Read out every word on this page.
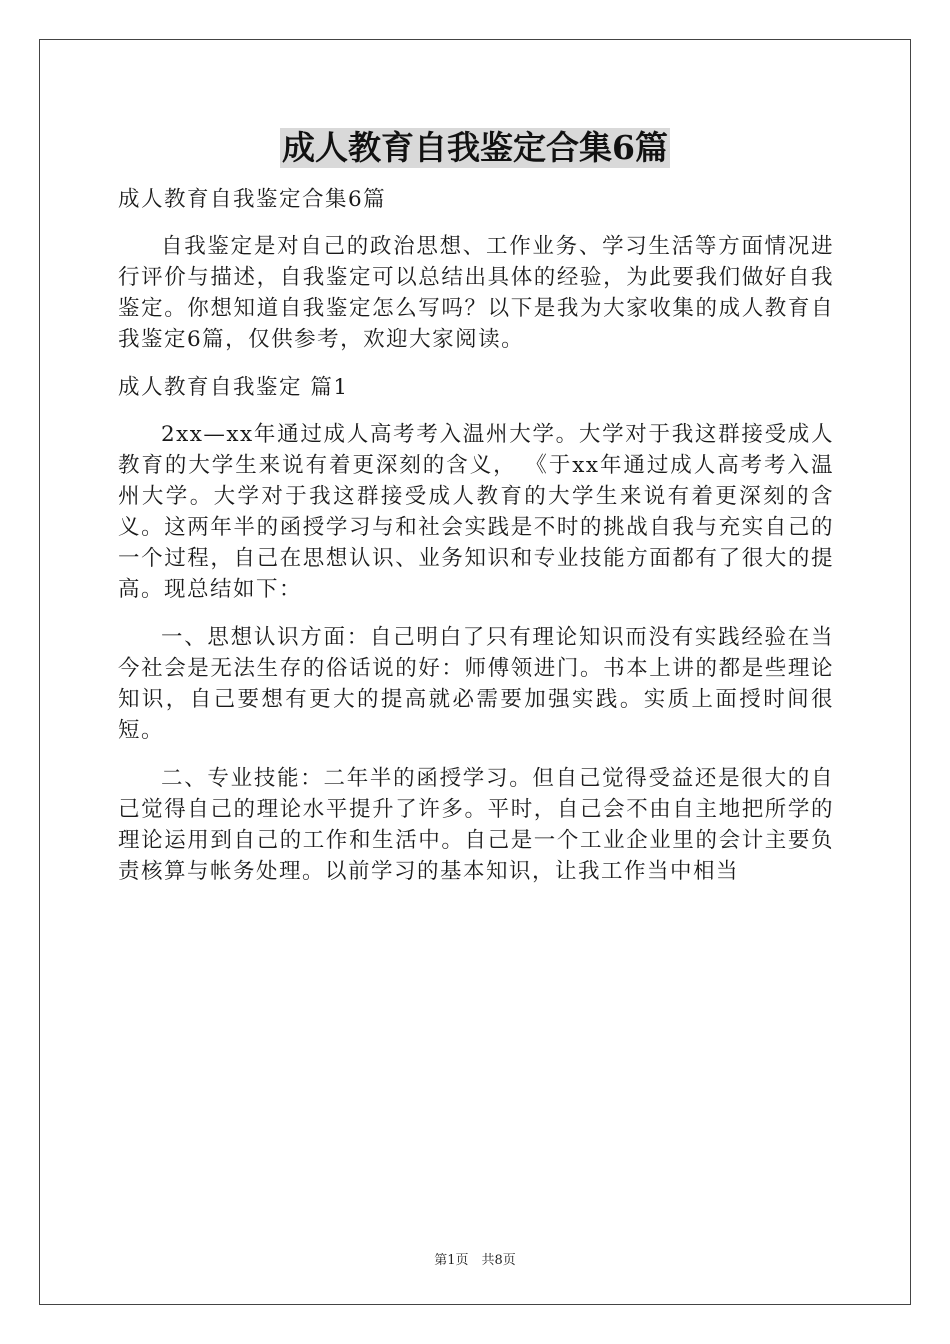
成人教育自我鉴定合集6篇

成人教育自我鉴定合集6篇

自我鉴定是对自己的政治思想、工作业务、学习生活等方面情况进行评价与描述，自我鉴定可以总结出具体的经验，为此要我们做好自我鉴定。你想知道自我鉴定怎么写吗？以下是我为大家收集的成人教育自我鉴定6篇，仅供参考，欢迎大家阅读。

成人教育自我鉴定 篇1

2xx—xx年通过成人高考考入温州大学。大学对于我这群接受成人教育的大学生来说有着更深刻的含义， 《于xx年通过成人高考考入温州大学。大学对于我这群接受成人教育的大学生来说有着更深刻的含义。这两年半的函授学习与和社会实践是不时的挑战自我与充实自己的一个过程，自己在思想认识、业务知识和专业技能方面都有了很大的提高。现总结如下：

一、思想认识方面：自己明白了只有理论知识而没有实践经验在当今社会是无法生存的俗话说的好：师傅领进门。书本上讲的都是些理论知识，自己要想有更大的提高就必需要加强实践。实质上面授时间很短。

二、专业技能：二年半的函授学习。但自己觉得受益还是很大的自己觉得自己的理论水平提升了许多。平时，自己会不由自主地把所学的理论运用到自己的工作和生活中。自己是一个工业企业里的会计主要负责核算与帐务处理。以前学习的基本知识，让我工作当中相当

第1页　共8页
